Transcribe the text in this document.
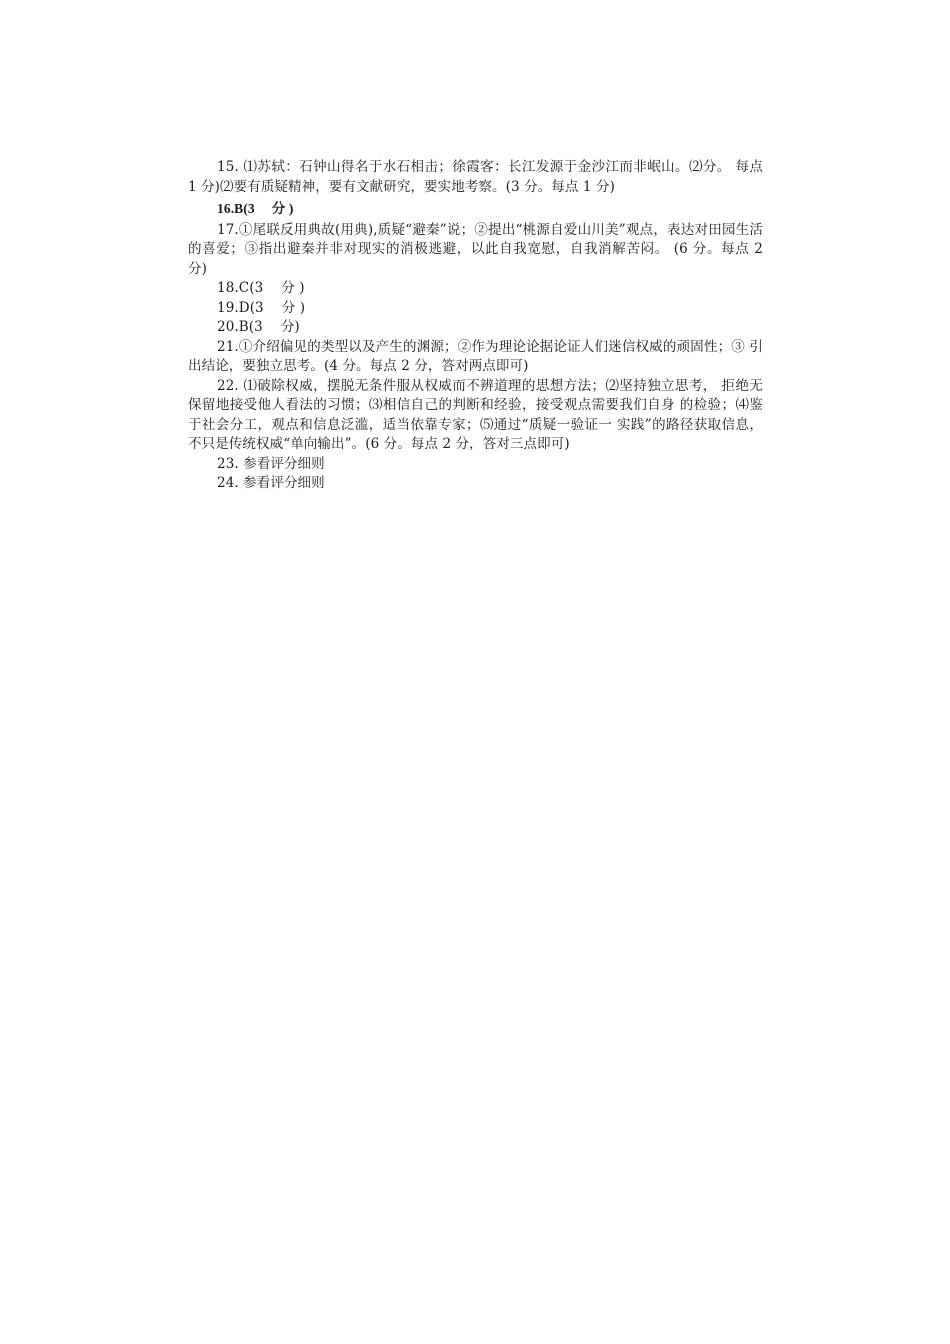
15. ⑴苏轼：石钟山得名于水石相击；徐霞客：长江发源于金沙江而非岷山。⑵分。 每点 1 分)⑵要有质疑精神，要有文献研究，要实地考察。(3 分。每点 1 分)

16.B(3　 分 )

17.①尾联反用典故(用典),质疑“避秦”说；②提出“桃源自爱山川美”观点，表达对田园生活的喜爱；③指出避秦并非对现实的消极逃避，以此自我宽慰，自我消解苦闷。 (6 分。每点 2 分)

18.C(3　 分 )

19.D(3　 分 )

20.B(3　 分)

21.①介绍偏见的类型以及产生的渊源；②作为理论论据论证人们迷信权威的顽固性；③ 引出结论，要独立思考。(4 分。每点 2 分，答对两点即可)

22. ⑴破除权威，摆脱无条件服从权威而不辨道理的思想方法；⑵坚持独立思考， 拒绝无保留地接受他人看法的习惯；⑶相信自己的判断和经验，接受观点需要我们自身 的检验；⑷鉴于社会分工，观点和信息泛滥，适当依靠专家；⑸通过“质疑一验证一 实践”的路径获取信息，不只是传统权威“单向输出”。(6 分。每点 2 分，答对三点即可)

23. 参看评分细则

24. 参看评分细则
